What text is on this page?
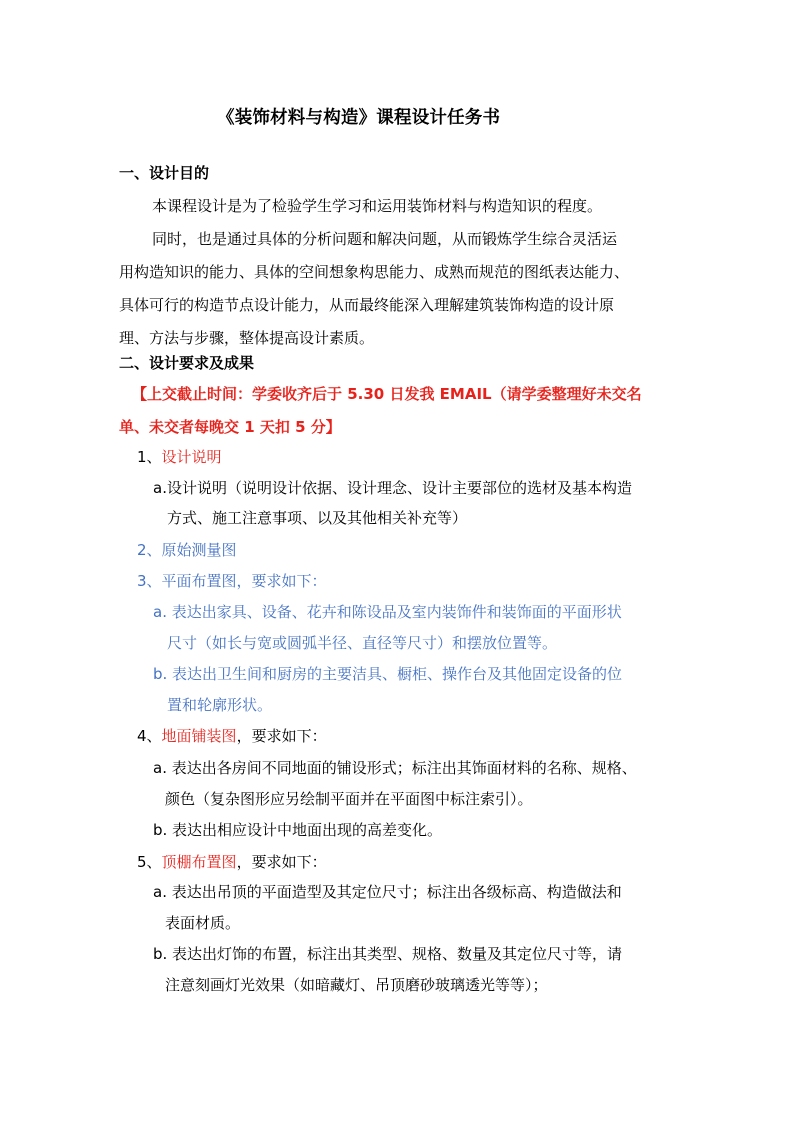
《装饰材料与构造》课程设计任务书
一、设计目的
本课程设计是为了检验学生学习和运用装饰材料与构造知识的程度。
同时，也是通过具体的分析问题和解决问题，从而锻炼学生综合灵活运
用构造知识的能力、具体的空间想象构思能力、成熟而规范的图纸表达能力、
具体可行的构造节点设计能力，从而最终能深入理解建筑装饰构造的设计原
理、方法与步骤，整体提高设计素质。
二、设计要求及成果
【上交截止时间：学委收齐后于 5.30 日发我 EMAIL（请学委整理好未交名
单、未交者每晚交 1 天扣 5 分】
1、设计说明
a.设计说明（说明设计依据、设计理念、设计主要部位的选材及基本构造
方式、施工注意事项、以及其他相关补充等）
2、原始测量图
3、平面布置图，要求如下：
a. 表达出家具、设备、花卉和陈设品及室内装饰件和装饰面的平面形状
尺寸（如长与宽或圆弧半径、直径等尺寸）和摆放位置等。
b. 表达出卫生间和厨房的主要洁具、橱柜、操作台及其他固定设备的位
置和轮廓形状。
4、地面铺装图，要求如下：
a. 表达出各房间不同地面的铺设形式；标注出其饰面材料的名称、规格、
颜色（复杂图形应另绘制平面并在平面图中标注索引）。
b. 表达出相应设计中地面出现的高差变化。
5、顶棚布置图，要求如下：
a. 表达出吊顶的平面造型及其定位尺寸；标注出各级标高、构造做法和
表面材质。
b. 表达出灯饰的布置，标注出其类型、规格、数量及其定位尺寸等，请
注意刻画灯光效果（如暗藏灯、吊顶磨砂玻璃透光等等）；
